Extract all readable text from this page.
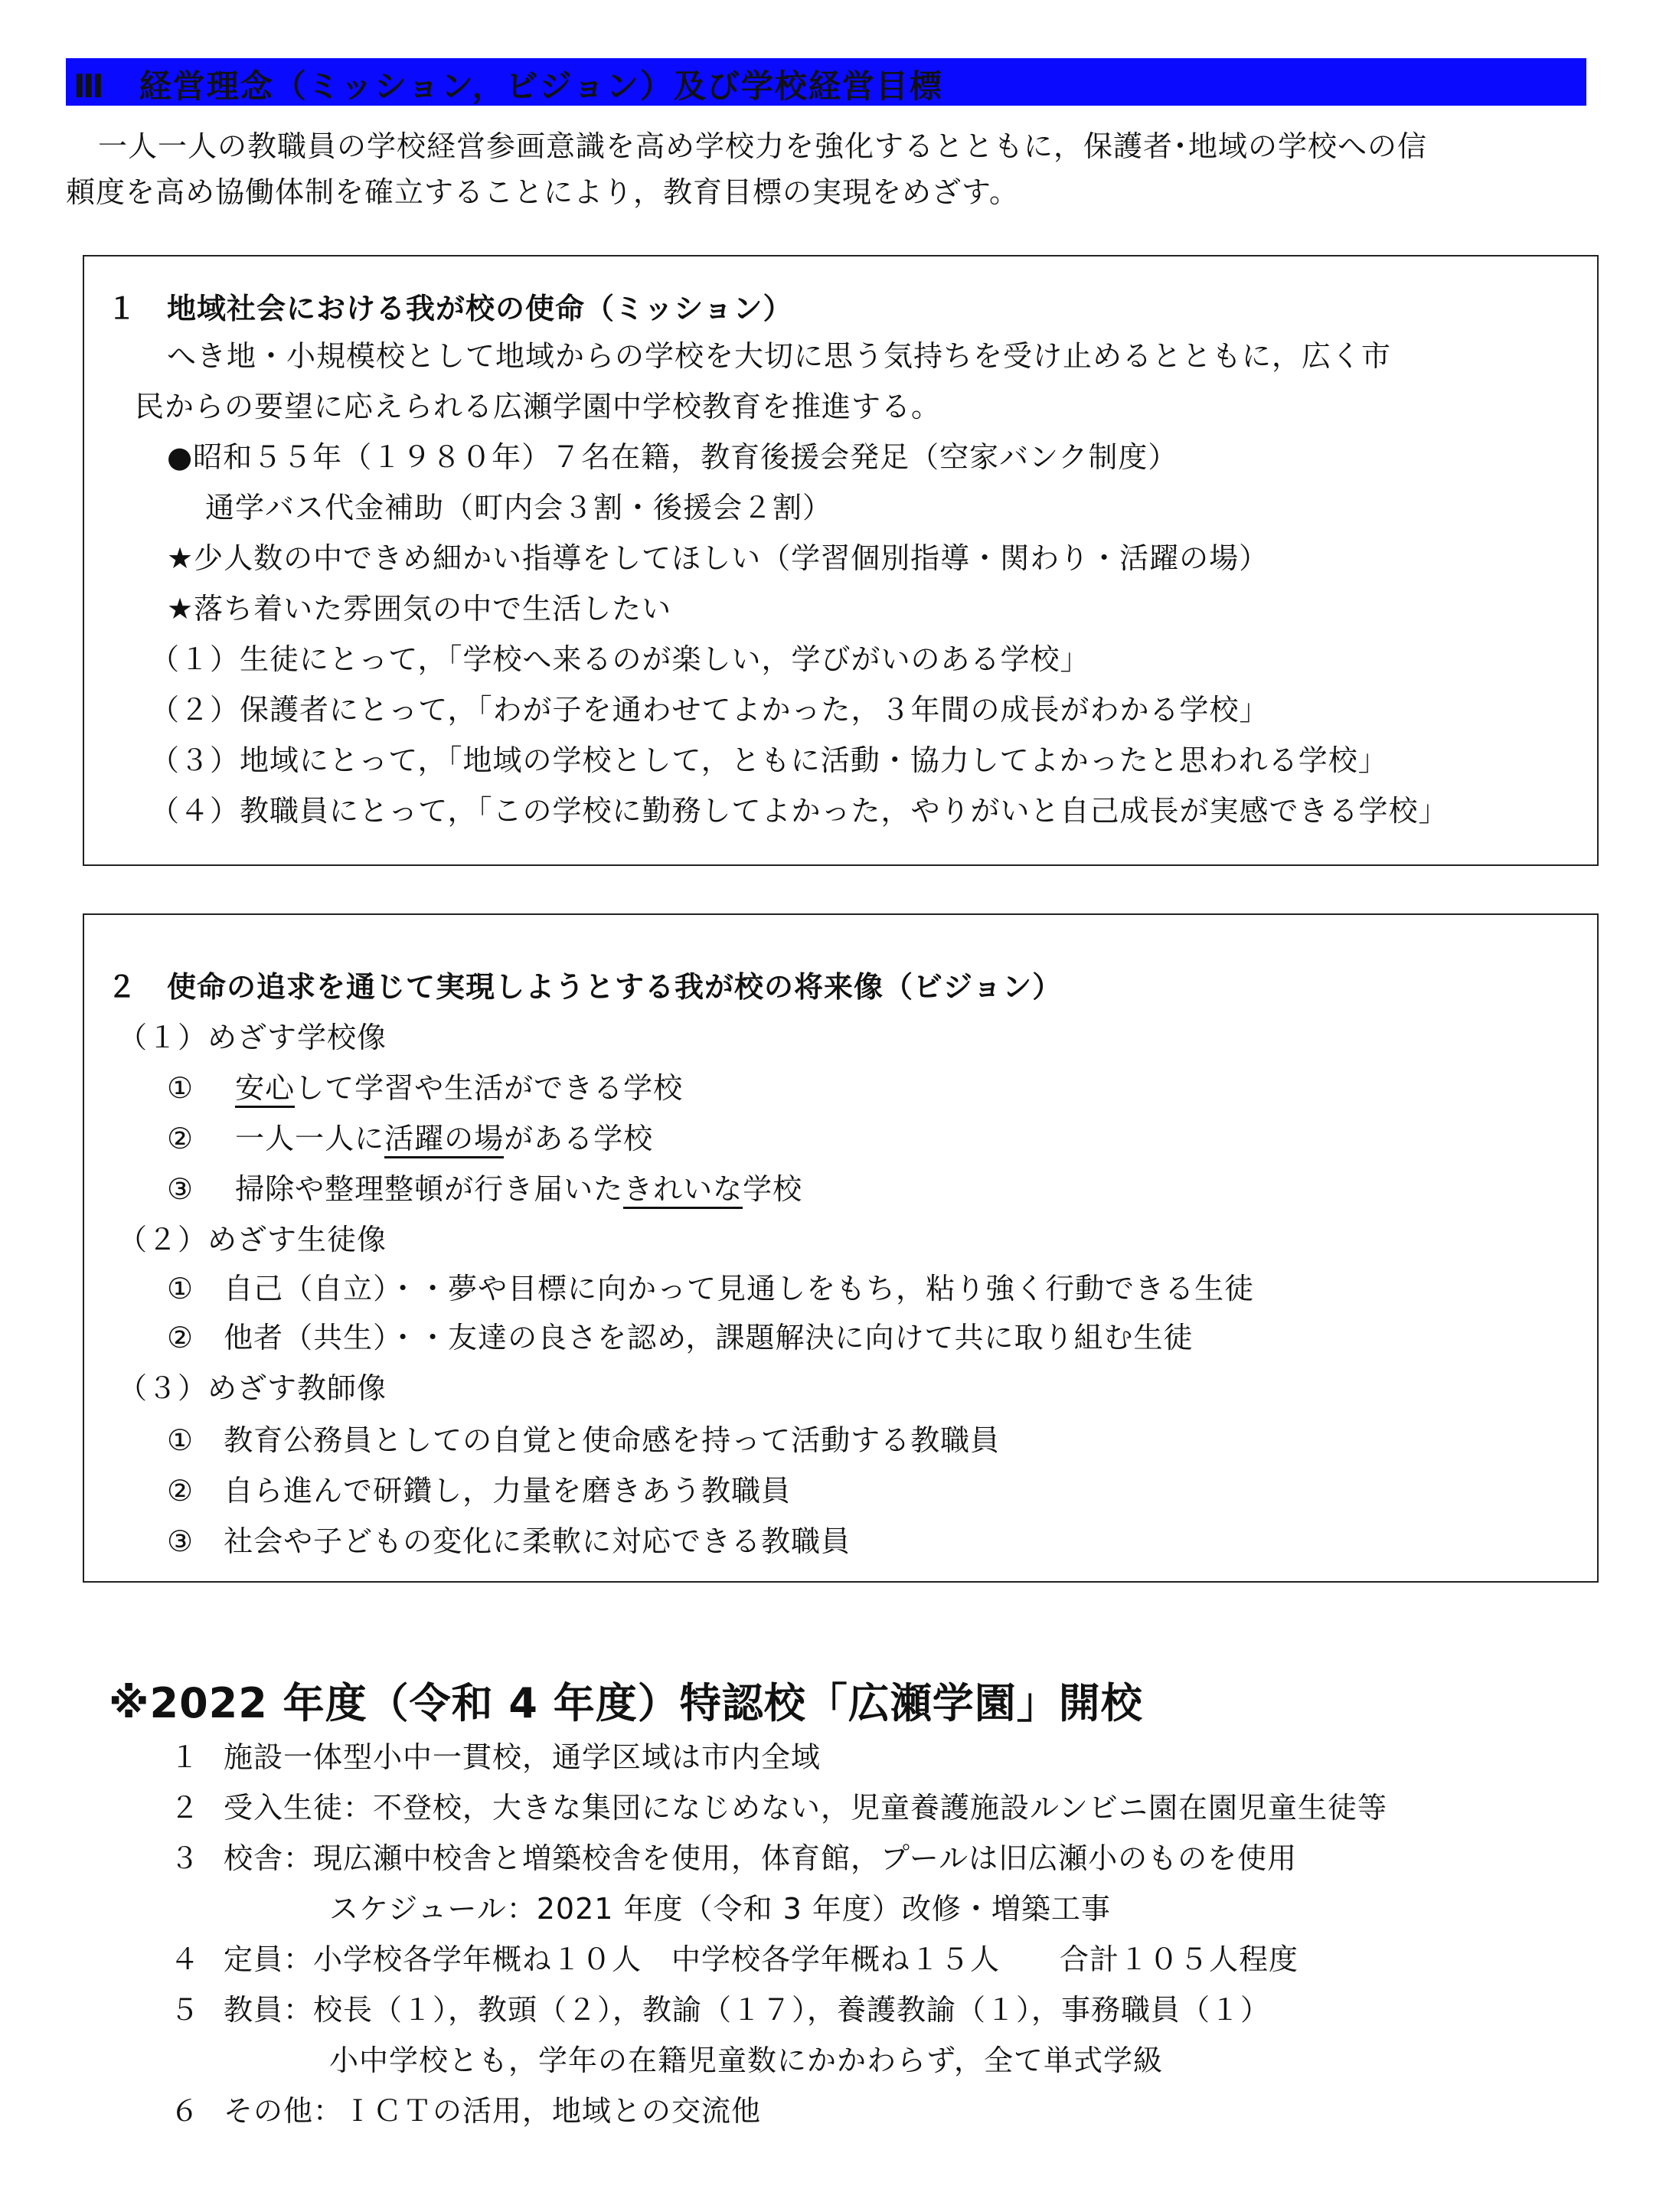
Ⅲ　経営理念（ミッション，ビジョン）及び学校経営目標
一人一人の教職員の学校経営参画意識を高め学校力を強化するとともに，保護者･地域の学校への信
頼度を高め協働体制を確立することにより，教育目標の実現をめざす。
１　地域社会における我が校の使命（ミッション）
へき地・小規模校として地域からの学校を大切に思う気持ちを受け止めるとともに，広く市
民からの要望に応えられる広瀬学園中学校教育を推進する。
●昭和５５年（１９８０年）７名在籍，教育後援会発足（空家バンク制度）
通学バス代金補助（町内会３割・後援会２割）
★少人数の中できめ細かい指導をしてほしい（学習個別指導・関わり・活躍の場）
★落ち着いた雰囲気の中で生活したい
（１）生徒にとって，「学校へ来るのが楽しい，学びがいのある学校」
（２）保護者にとって，「わが子を通わせてよかった，３年間の成長がわかる学校」
（３）地域にとって，「地域の学校として，ともに活動・協力してよかったと思われる学校」
（４）教職員にとって，「この学校に勤務してよかった，やりがいと自己成長が実感できる学校」
２　使命の追求を通じて実現しようとする我が校の将来像（ビジョン）
（１）めざす学校像
① 安心して学習や生活ができる学校
② 一人一人に活躍の場がある学校
③ 掃除や整理整頓が行き届いたきれいな学校
（２）めざす生徒像
①　自己（自立）・・夢や目標に向かって見通しをもち，粘り強く行動できる生徒
②　他者（共生）・・友達の良さを認め，課題解決に向けて共に取り組む生徒
（３）めざす教師像
①　教育公務員としての自覚と使命感を持って活動する教職員
②　自ら進んで研鑽し，力量を磨きあう教職員
③　社会や子どもの変化に柔軟に対応できる教職員
※2022 年度（令和 4 年度）特認校「広瀬学園」開校
１ 施設一体型小中一貫校，通学区域は市内全域
２ 受入生徒：不登校，大きな集団になじめない，児童養護施設ルンビニ園在園児童生徒等
３ 校舎：現広瀬中校舎と増築校舎を使用，体育館，プールは旧広瀬小のものを使用
スケジュール：2021 年度（令和 3 年度）改修・増築工事
４ 定員：小学校各学年概ね１０人　中学校各学年概ね１５人　　合計１０５人程度
５ 教員：校長（１），教頭（２），教諭（１７），養護教諭（１），事務職員（１）
小中学校とも，学年の在籍児童数にかかわらず，全て単式学級
６ その他：ＩＣＴの活用，地域との交流他
